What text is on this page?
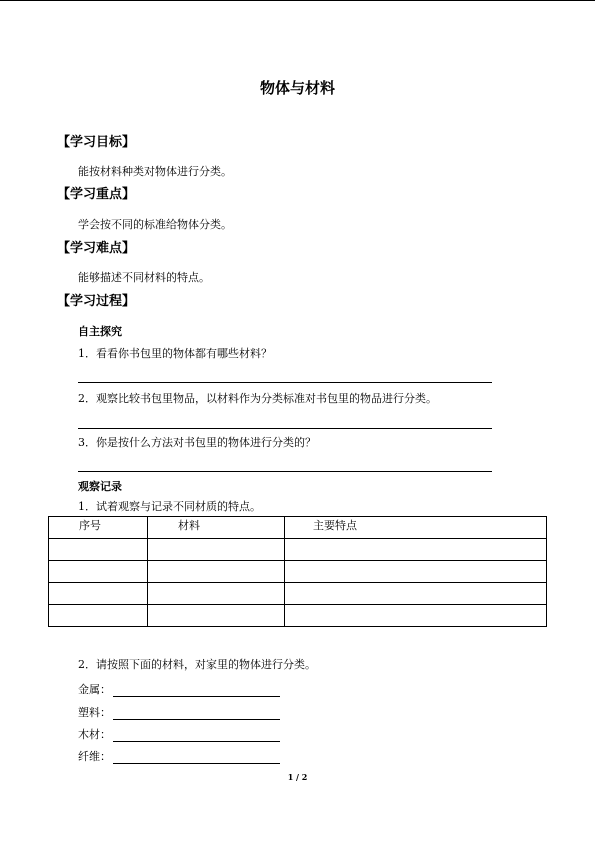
物体与材料
【学习目标】
能按材料种类对物体进行分类。
【学习重点】
学会按不同的标准给物体分类。
【学习难点】
能够描述不同材料的特点。
【学习过程】
自主探究
1．看看你书包里的物体都有哪些材料？
2．观察比较书包里物品，以材料作为分类标准对书包里的物品进行分类。
3．你是按什么方法对书包里的物体进行分类的？
观察记录
1．试着观察与记录不同材质的特点。
序号	材料	主要特点

2．请按照下面的材料，对家里的物体进行分类。
金属：
塑料：
木材：
纤维：
1 / 2
